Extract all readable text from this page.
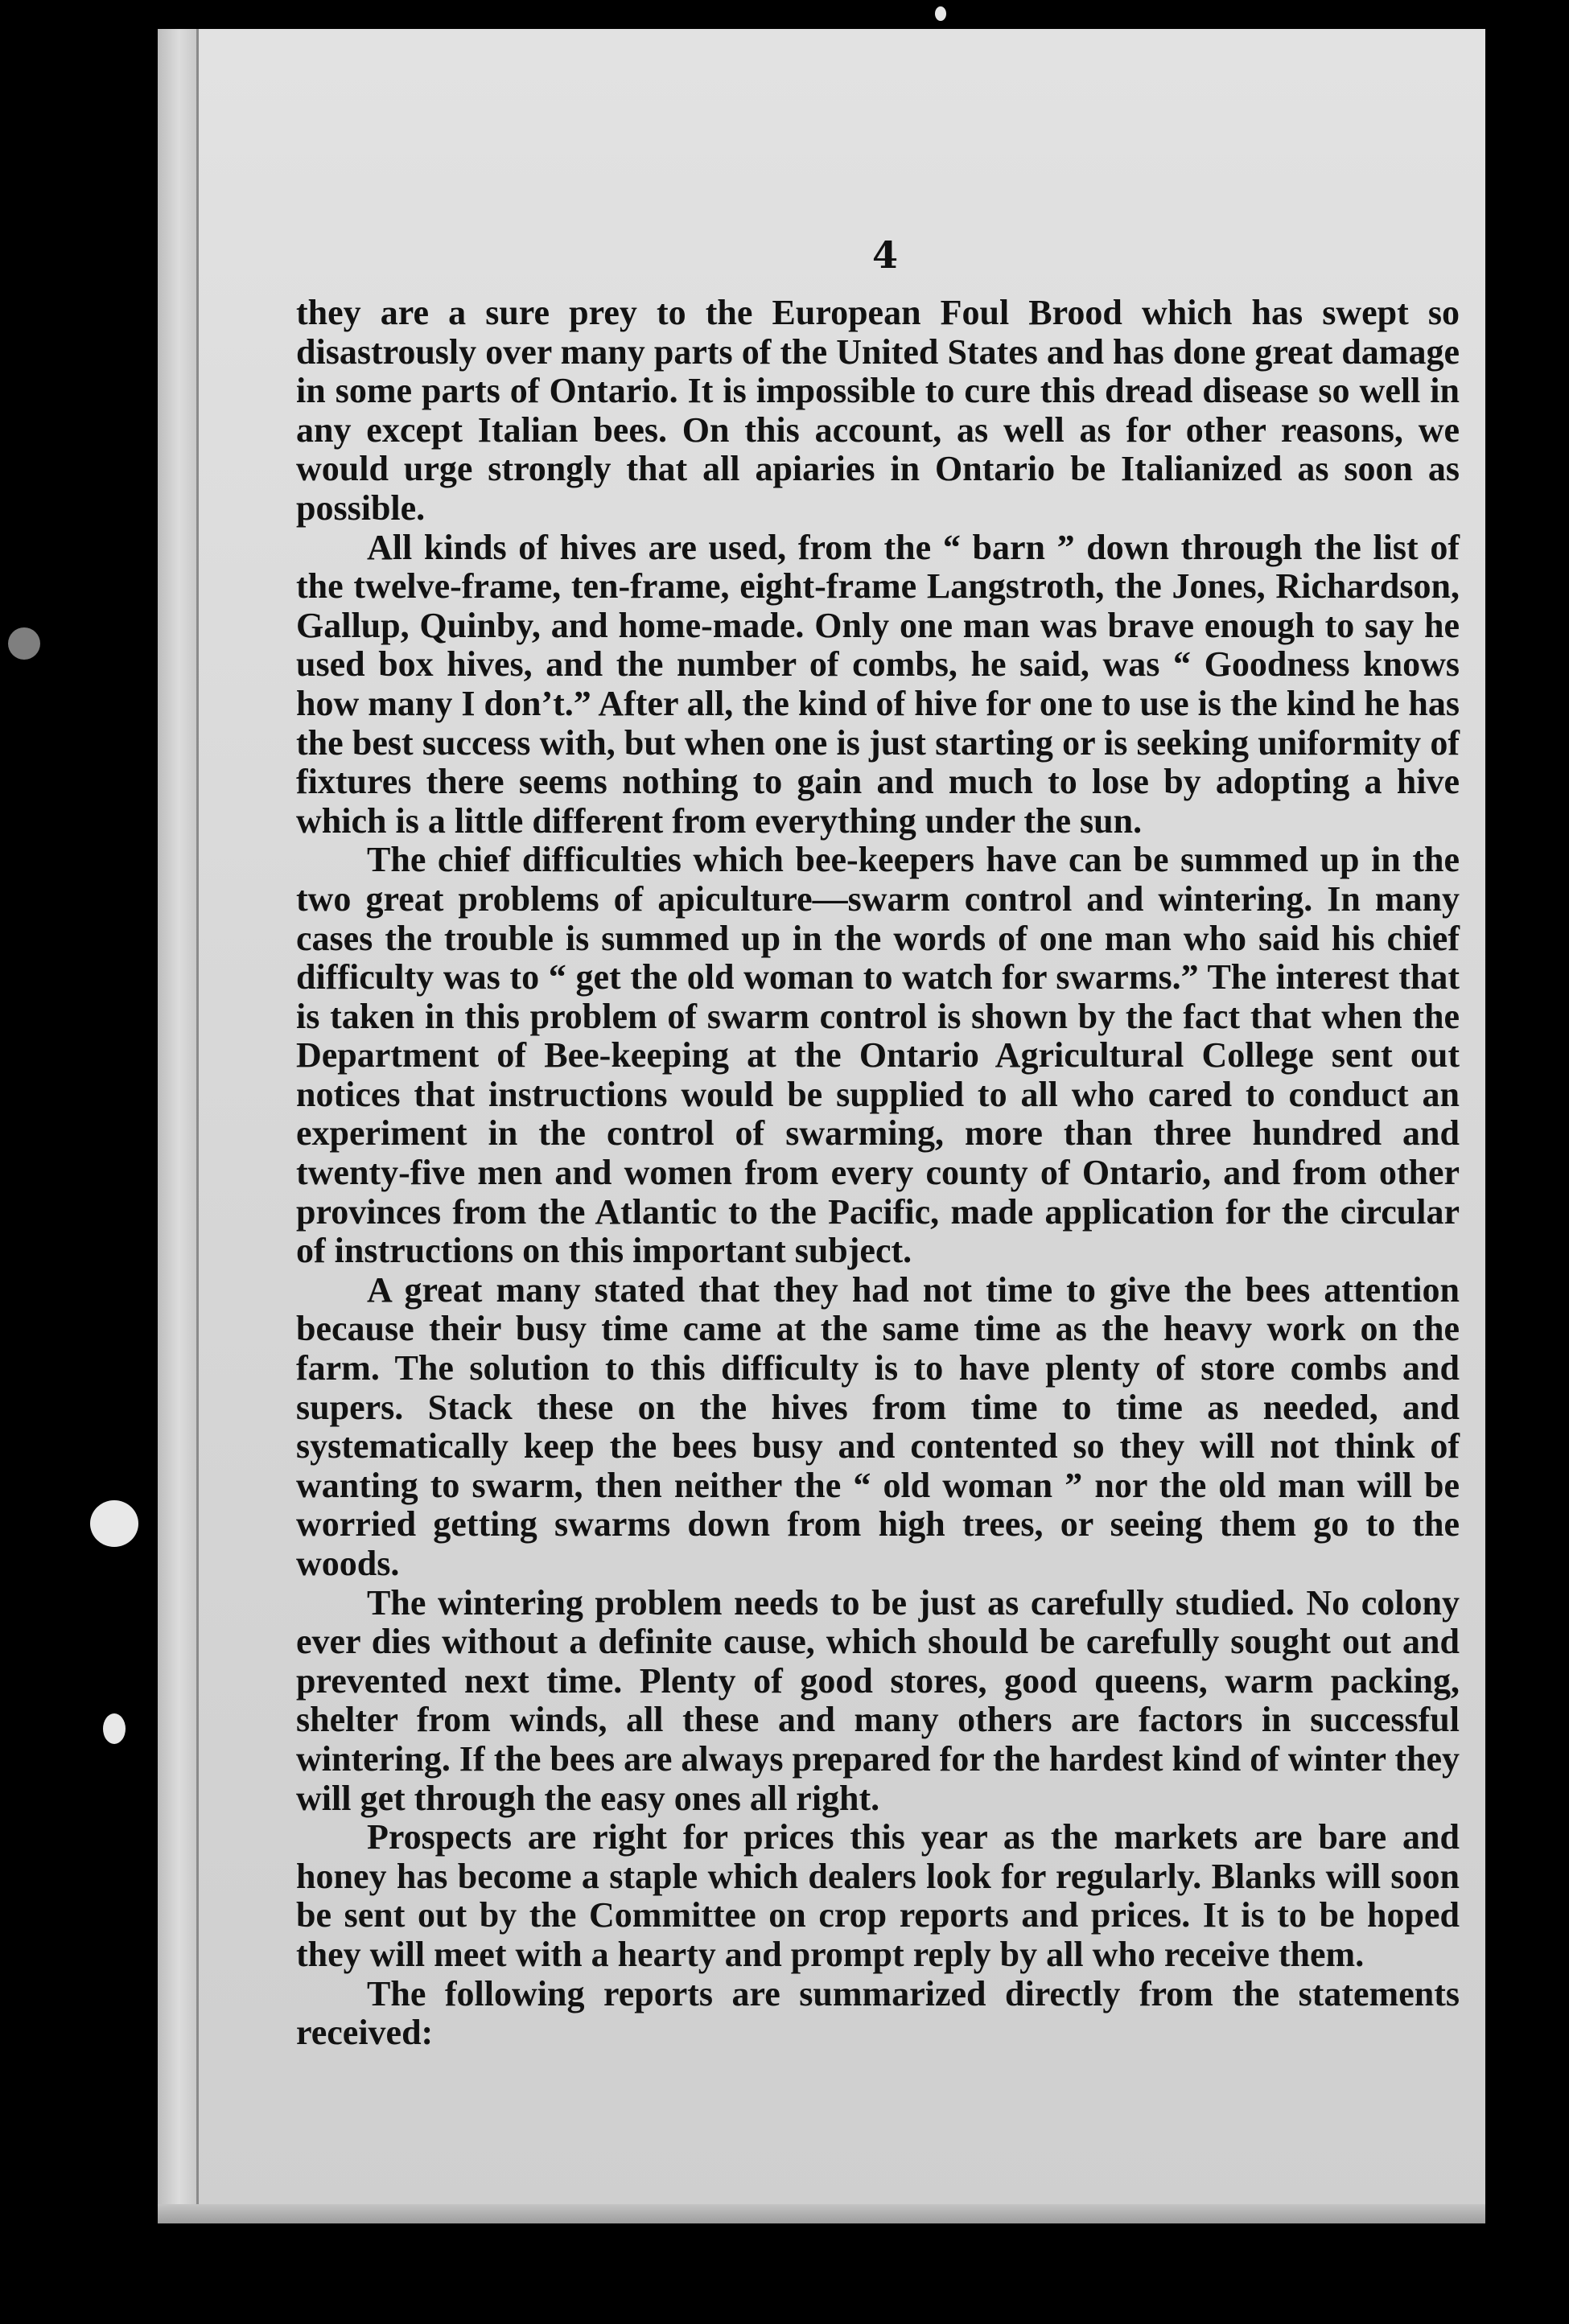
4

they are a sure prey to the European Foul Brood which has swept so disastrously over many parts of the United States and has done great damage in some parts of Ontario. It is impossible to cure this dread disease so well in any except Italian bees. On this account, as well as for other reasons, we would urge strongly that all apiaries in Ontario be Italianized as soon as possible.

All kinds of hives are used, from the “ barn ” down through the list of the twelve-frame, ten-frame, eight-frame Langstroth, the Jones, Richardson, Gallup, Quinby, and home-made. Only one man was brave enough to say he used box hives, and the number of combs, he said, was “ Goodness knows how many I don’t.” After all, the kind of hive for one to use is the kind he has the best success with, but when one is just starting or is seeking uniformity of fixtures there seems nothing to gain and much to lose by adopting a hive which is a little different from everything under the sun.

The chief difficulties which bee-keepers have can be summed up in the two great problems of apiculture—swarm control and wintering. In many cases the trouble is summed up in the words of one man who said his chief difficulty was to “ get the old woman to watch for swarms.” The interest that is taken in this problem of swarm control is shown by the fact that when the Department of Bee-keeping at the Ontario Agricultural College sent out notices that instructions would be supplied to all who cared to conduct an experiment in the control of swarming, more than three hundred and twenty-five men and women from every county of Ontario, and from other provinces from the Atlantic to the Pacific, made application for the circular of instructions on this important subject.

A great many stated that they had not time to give the bees attention because their busy time came at the same time as the heavy work on the farm. The solution to this difficulty is to have plenty of store combs and supers. Stack these on the hives from time to time as needed, and systematically keep the bees busy and contented so they will not think of wanting to swarm, then neither the “ old woman ” nor the old man will be worried getting swarms down from high trees, or seeing them go to the woods.

The wintering problem needs to be just as carefully studied. No colony ever dies without a definite cause, which should be carefully sought out and prevented next time. Plenty of good stores, good queens, warm packing, shelter from winds, all these and many others are factors in successful wintering. If the bees are always prepared for the hardest kind of winter they will get through the easy ones all right.

Prospects are right for prices this year as the markets are bare and honey has become a staple which dealers look for regularly. Blanks will soon be sent out by the Committee on crop reports and prices. It is to be hoped they will meet with a hearty and prompt reply by all who receive them.

The following reports are summarized directly from the statements received:
